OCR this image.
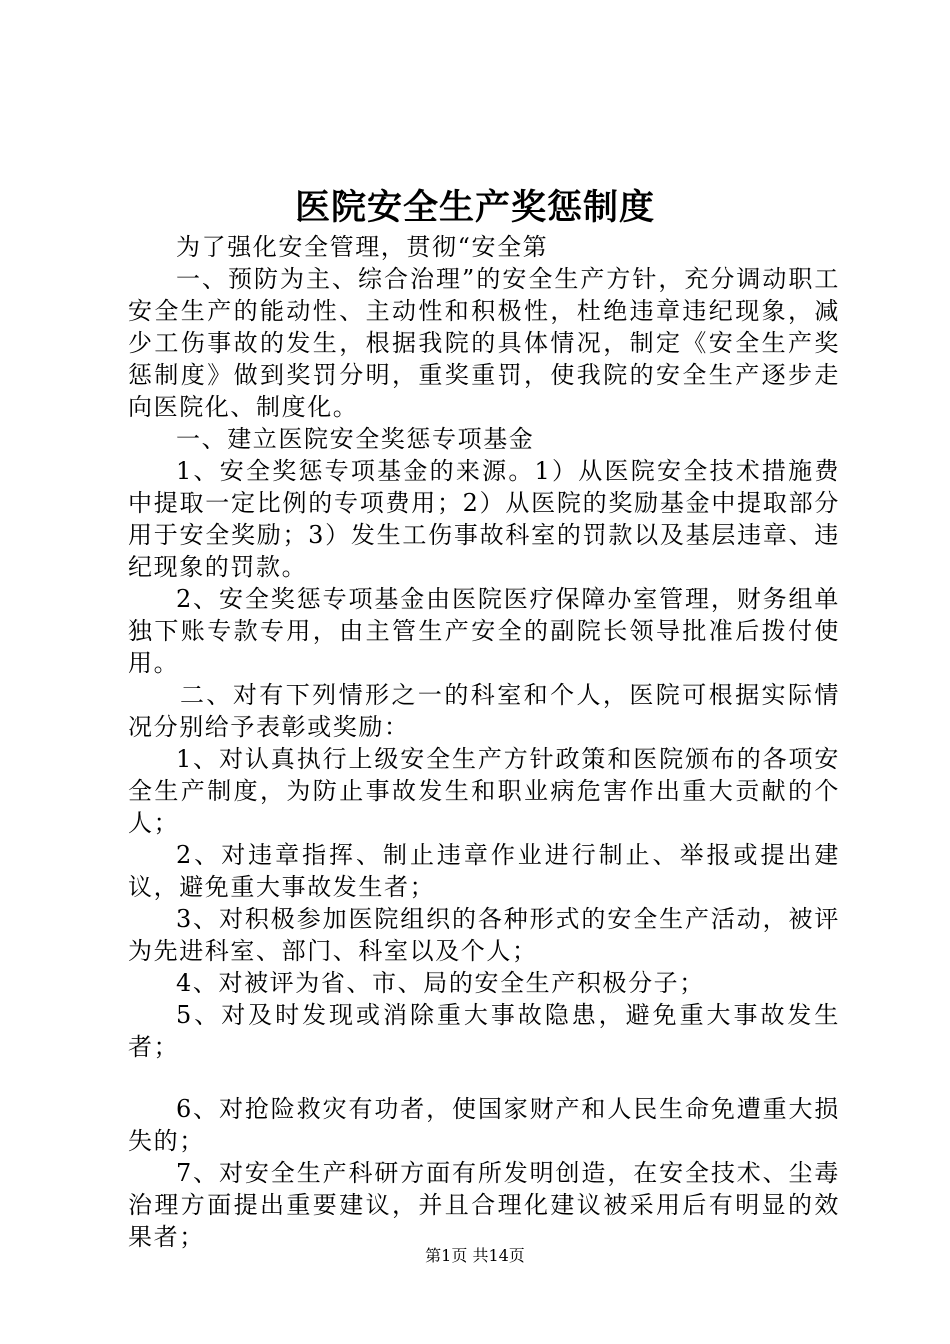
医院安全生产奖惩制度

为了强化安全管理，贯彻“安全第

一、预防为主、综合治理”的安全生产方针，充分调动职工安全生产的能动性、主动性和积极性，杜绝违章违纪现象，减少工伤事故的发生，根据我院的具体情况，制定《安全生产奖惩制度》做到奖罚分明，重奖重罚，使我院的安全生产逐步走向医院化、制度化。

一、建立医院安全奖惩专项基金

1、安全奖惩专项基金的来源。1）从医院安全技术措施费中提取一定比例的专项费用；2）从医院的奖励基金中提取部分用于安全奖励；3）发生工伤事故科室的罚款以及基层违章、违纪现象的罚款。

2、安全奖惩专项基金由医院医疗保障办室管理，财务组单独下账专款专用，由主管生产安全的副院长领导批准后拨付使用。

二、对有下列情形之一的科室和个人，医院可根据实际情况分别给予表彰或奖励：

1、对认真执行上级安全生产方针政策和医院颁布的各项安全生产制度，为防止事故发生和职业病危害作出重大贡献的个人；

2、对违章指挥、制止违章作业进行制止、举报或提出建议，避免重大事故发生者；

3、对积极参加医院组织的各种形式的安全生产活动，被评为先进科室、部门、科室以及个人；

4、对被评为省、市、局的安全生产积极分子；

5、对及时发现或消除重大事故隐患，避免重大事故发生者；

6、对抢险救灾有功者，使国家财产和人民生命免遭重大损失的；

7、对安全生产科研方面有所发明创造，在安全技术、尘毒治理方面提出重要建议，并且合理化建议被采用后有明显的效果者；

第1页 共14页
